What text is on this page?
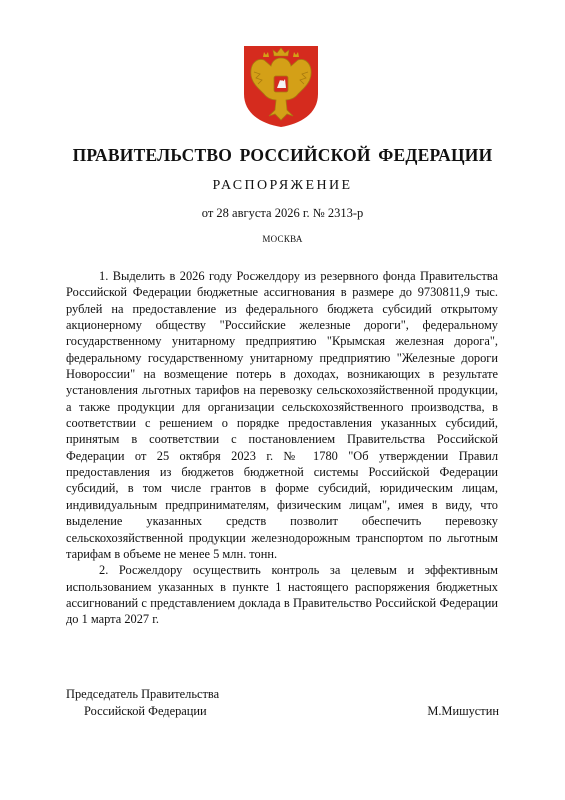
ПРАВИТЕЛЬСТВО РОССИЙСКОЙ ФЕДЕРАЦИИ
РАСПОРЯЖЕНИЕ
от 28 августа 2026 г. № 2313-р
МОСКВА

1. Выделить в 2026 году Росжелдору из резервного фонда Правительства Российской Федерации бюджетные ассигнования в размере до 9730811,9 тыс. рублей на предоставление из федерального бюджета субсидий открытому акционерному обществу "Российские железные дороги", федеральному государственному унитарному предприятию "Крымская железная дорога", федеральному государственному унитарному предприятию "Железные дороги Новороссии" на возмещение потерь в доходах, возникающих в результате установления льготных тарифов на перевозку сельскохозяйственной продукции, а также продукции для организации сельскохозяйственного производства, в соответствии с решением о порядке предоставления указанных субсидий, принятым в соответствии с постановлением Правительства Российской Федерации от 25 октября 2023 г. № 1780 "Об утверждении Правил предоставления из бюджетов бюджетной системы Российской Федерации субсидий, в том числе грантов в форме субсидий, юридическим лицам, индивидуальным предпринимателям, физическим лицам", имея в виду, что выделение указанных средств позволит обеспечить перевозку сельскохозяйственной продукции железнодорожным транспортом по льготным тарифам в объеме не менее 5 млн. тонн.

2. Росжелдору осуществить контроль за целевым и эффективным использованием указанных в пункте 1 настоящего распоряжения бюджетных ассигнований с представлением доклада в Правительство Российской Федерации до 1 марта 2027 г.

Председатель Правительства
Российской Федерации	М.Мишустин
